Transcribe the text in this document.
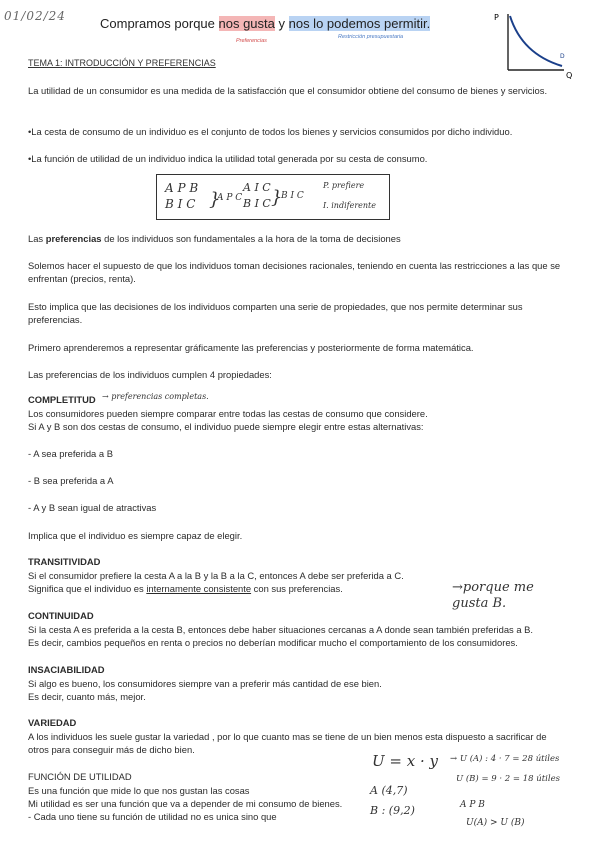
01/02/24	Compramos porque nos gusta y nos lo podemos permitir.
Preferencias
Restricción presupuestaria
TEMA 1: INTRODUCCIÓN Y PREFERENCIAS
P
Q
D

La utilidad de un consumidor es una medida de la satisfacción que el consumidor obtiene del consumo de bienes y servicios.

•La cesta de consumo de un individuo es el conjunto de todos los bienes y servicios consumidos por dicho individuo.

•La función de utilidad de un individuo indica la utilidad total generada por su cesta de consumo.

A P B
B I C }
A P C
A I C
B I C }
B I C
P. prefiere
I. indiferente

Las preferencias de los individuos son fundamentales a la hora de la toma de decisiones

Solemos hacer el supuesto de que los individuos toman decisiones racionales, teniendo en cuenta las restricciones a las que se enfrentan (precios, renta).

Esto implica que las decisiones de los individuos comparten una serie de propiedades, que nos permite determinar sus preferencias.

Primero aprenderemos a representar gráficamente las preferencias y posteriormente de forma matemática.

Las preferencias de los individuos cumplen 4 propiedades:

COMPLETITUD → preferencias completas.

Los consumidores pueden siempre comparar entre todas las cestas de consumo que considere.

Si A y B son dos cestas de consumo, el individuo puede siempre elegir entre estas alternativas:

- A sea preferida a B

- B sea preferida a A

- A y B sean igual de atractivas

Implica que el individuo es siempre capaz de elegir.

TRANSITIVIDAD

Si el consumidor prefiere la cesta A a la B y la B a la C, entonces A debe ser preferida a C.

Significa que el individuo es internamente consistente con sus preferencias.	→porque me gusta B.
CONTINUIDAD

Si la cesta A es preferida a la cesta B, entonces debe haber situaciones cercanas a A donde sean también preferidas a B.

Es decir, cambios pequeños en renta o precios no deberían modificar mucho el comportamiento de los consumidores.

INSACIABILIDAD

Si algo es bueno, los consumidores siempre van a preferir más cantidad de ese bien.

Es decir, cuanto más, mejor.

VARIEDAD

A los individuos les suele gustar la variedad , por lo que cuanto mas se tiene de un bien menos esta dispuesto a sacrificar de otros para conseguir más de dicho bien.

FUNCIÓN DE UTILIDAD

Es una función que mide lo que nos gustan las cosas

Mi utilidad es ser una función que va a depender de mi consumo de bienes.

- Cada uno tiene su función de utilidad no es unica sino que

U = x · y
A (4,7)
B : (9,2)
→ U (A) : 4 · 7 = 28 útiles
U (B) = 9 · 2 = 18 útiles
A P B
U(A) > U (B)
